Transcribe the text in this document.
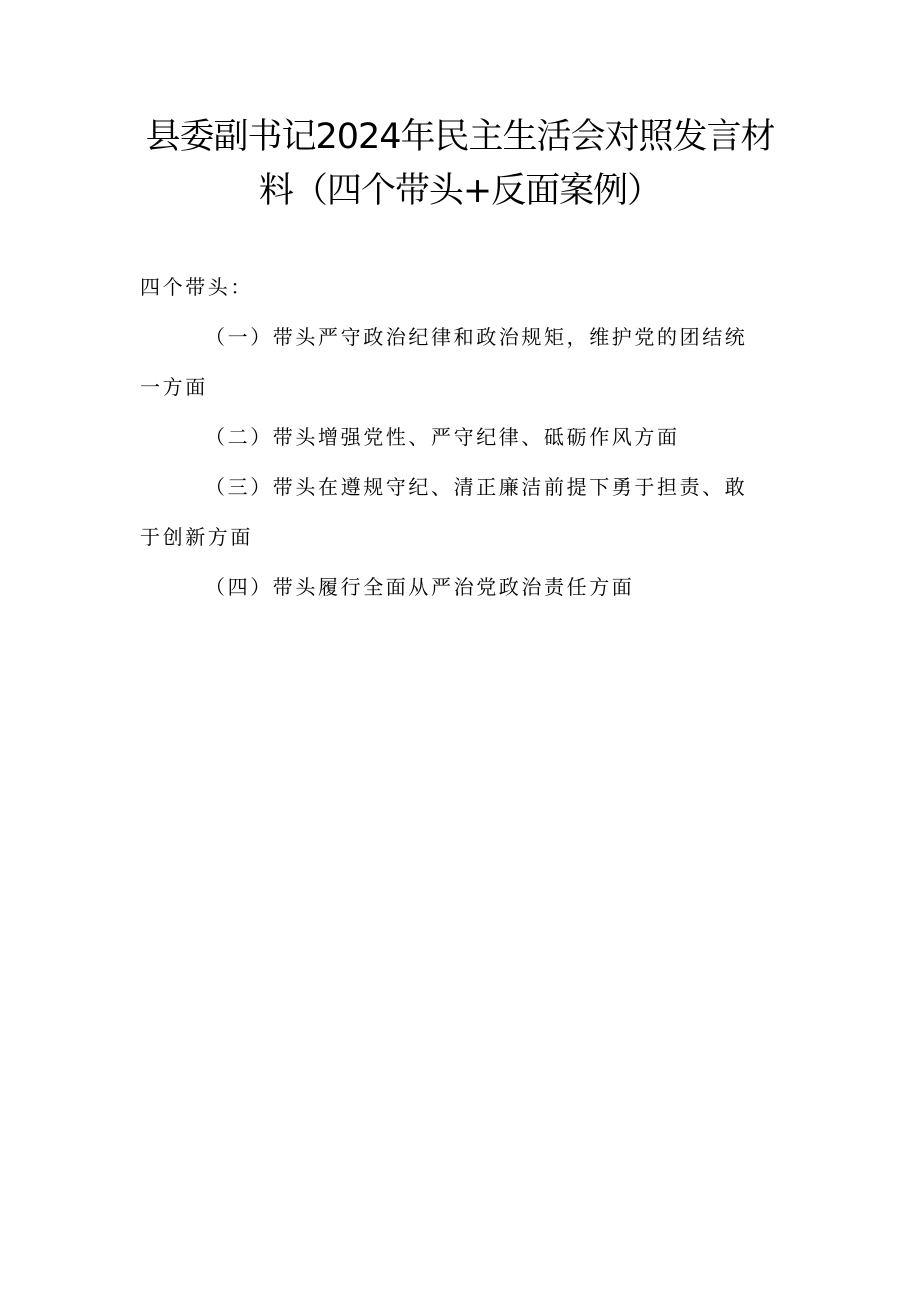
县委副书记2024年民主生活会对照发言材
料（四个带头+反面案例）

四个带头：

（一）带头严守政治纪律和政治规矩，维护党的团结统一方面

（二）带头增强党性、严守纪律、砥砺作风方面

（三）带头在遵规守纪、清正廉洁前提下勇于担责、敢于创新方面

（四）带头履行全面从严治党政治责任方面
